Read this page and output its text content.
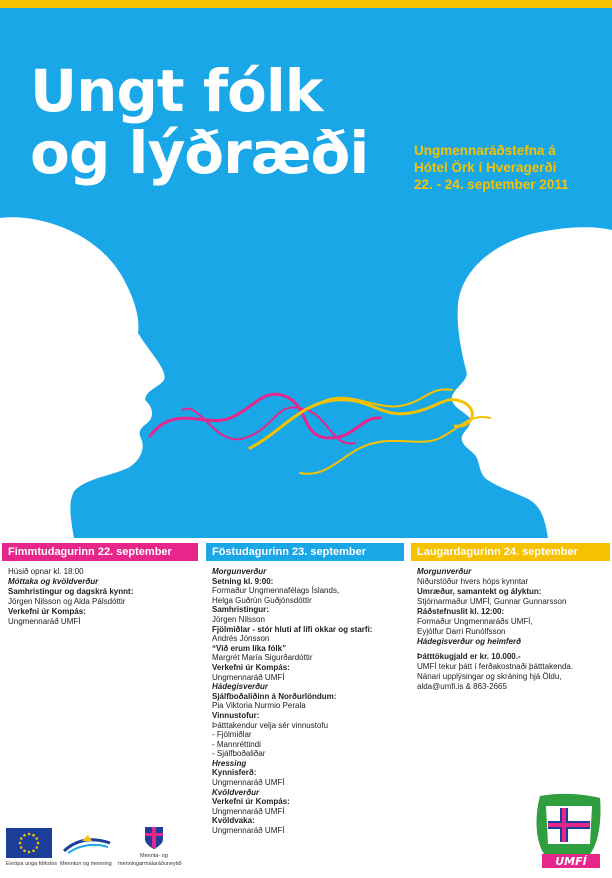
Ungt fólk
og lýðræði	Ungmennaráðstefna á
Hótel Örk í Hveragerði
22. - 24. september 2011
Fimmtudagurinn 22. september
Húsið opnar kl. 18:00
Móttaka og kvöldverður
Samhristingur og dagskrá kynnt:
Jörgen Nilsson og Alda Pálsdóttir
Verkefni úr Kompás:
Ungmennaráð UMFÍ
Föstudagurinn 23. september
Morgunverður
Setning kl. 9:00:
Formaður Ungmennafélags Íslands,
Helga Guðrún Guðjónsdóttir
Samhristingur:
Jörgen Nilsson
Fjölmiðlar - stór hluti af lífi okkar og starfi:
Andrés Jónsson
“Við erum líka fólk”
Margrét María Sigurðardóttir
Verkefni úr Kompás:
Ungmennaráð UMFÍ
Hádegisverður
Sjálfboðaliðinn á Norðurlöndum:
Pia Viktoria Nurmio Perala
Vinnustofur:
Þátttakendur velja sér vinnustofu
- Fjölmiðlar
- Mannréttindi
- Sjálfboðaliðar
Hressing
Kynnisferð:
Ungmennaráð UMFÍ
Kvöldverður
Verkefni úr Kompás:
Ungmennaráð UMFÍ
Kvöldvaka:
Ungmennaráð UMFÍ
Laugardagurinn 24. september
Morgunverður
Niðurstöður hvers hóps kynntar
Umræður, samantekt og ályktun:
Stjórnarmaður UMFÍ, Gunnar Gunnarsson
Ráðstefnuslit kl. 12:00:
Formaður Ungmennaráðs UMFÍ,
Eyjólfur Darri Runólfsson
Hádegisverður og heimferð
Þátttökugjald er kr. 10.000.-
UMFÍ tekur þátt í ferðakostnaði þátttakenda.
Nánari upplýsingar og skráning hjá Öldu,
alda@umfi.is & 863-2665
Evrópa unga fólksins Menntun og menning
Mennta- og
menningarmálaráðuneytið	UMFÍ
